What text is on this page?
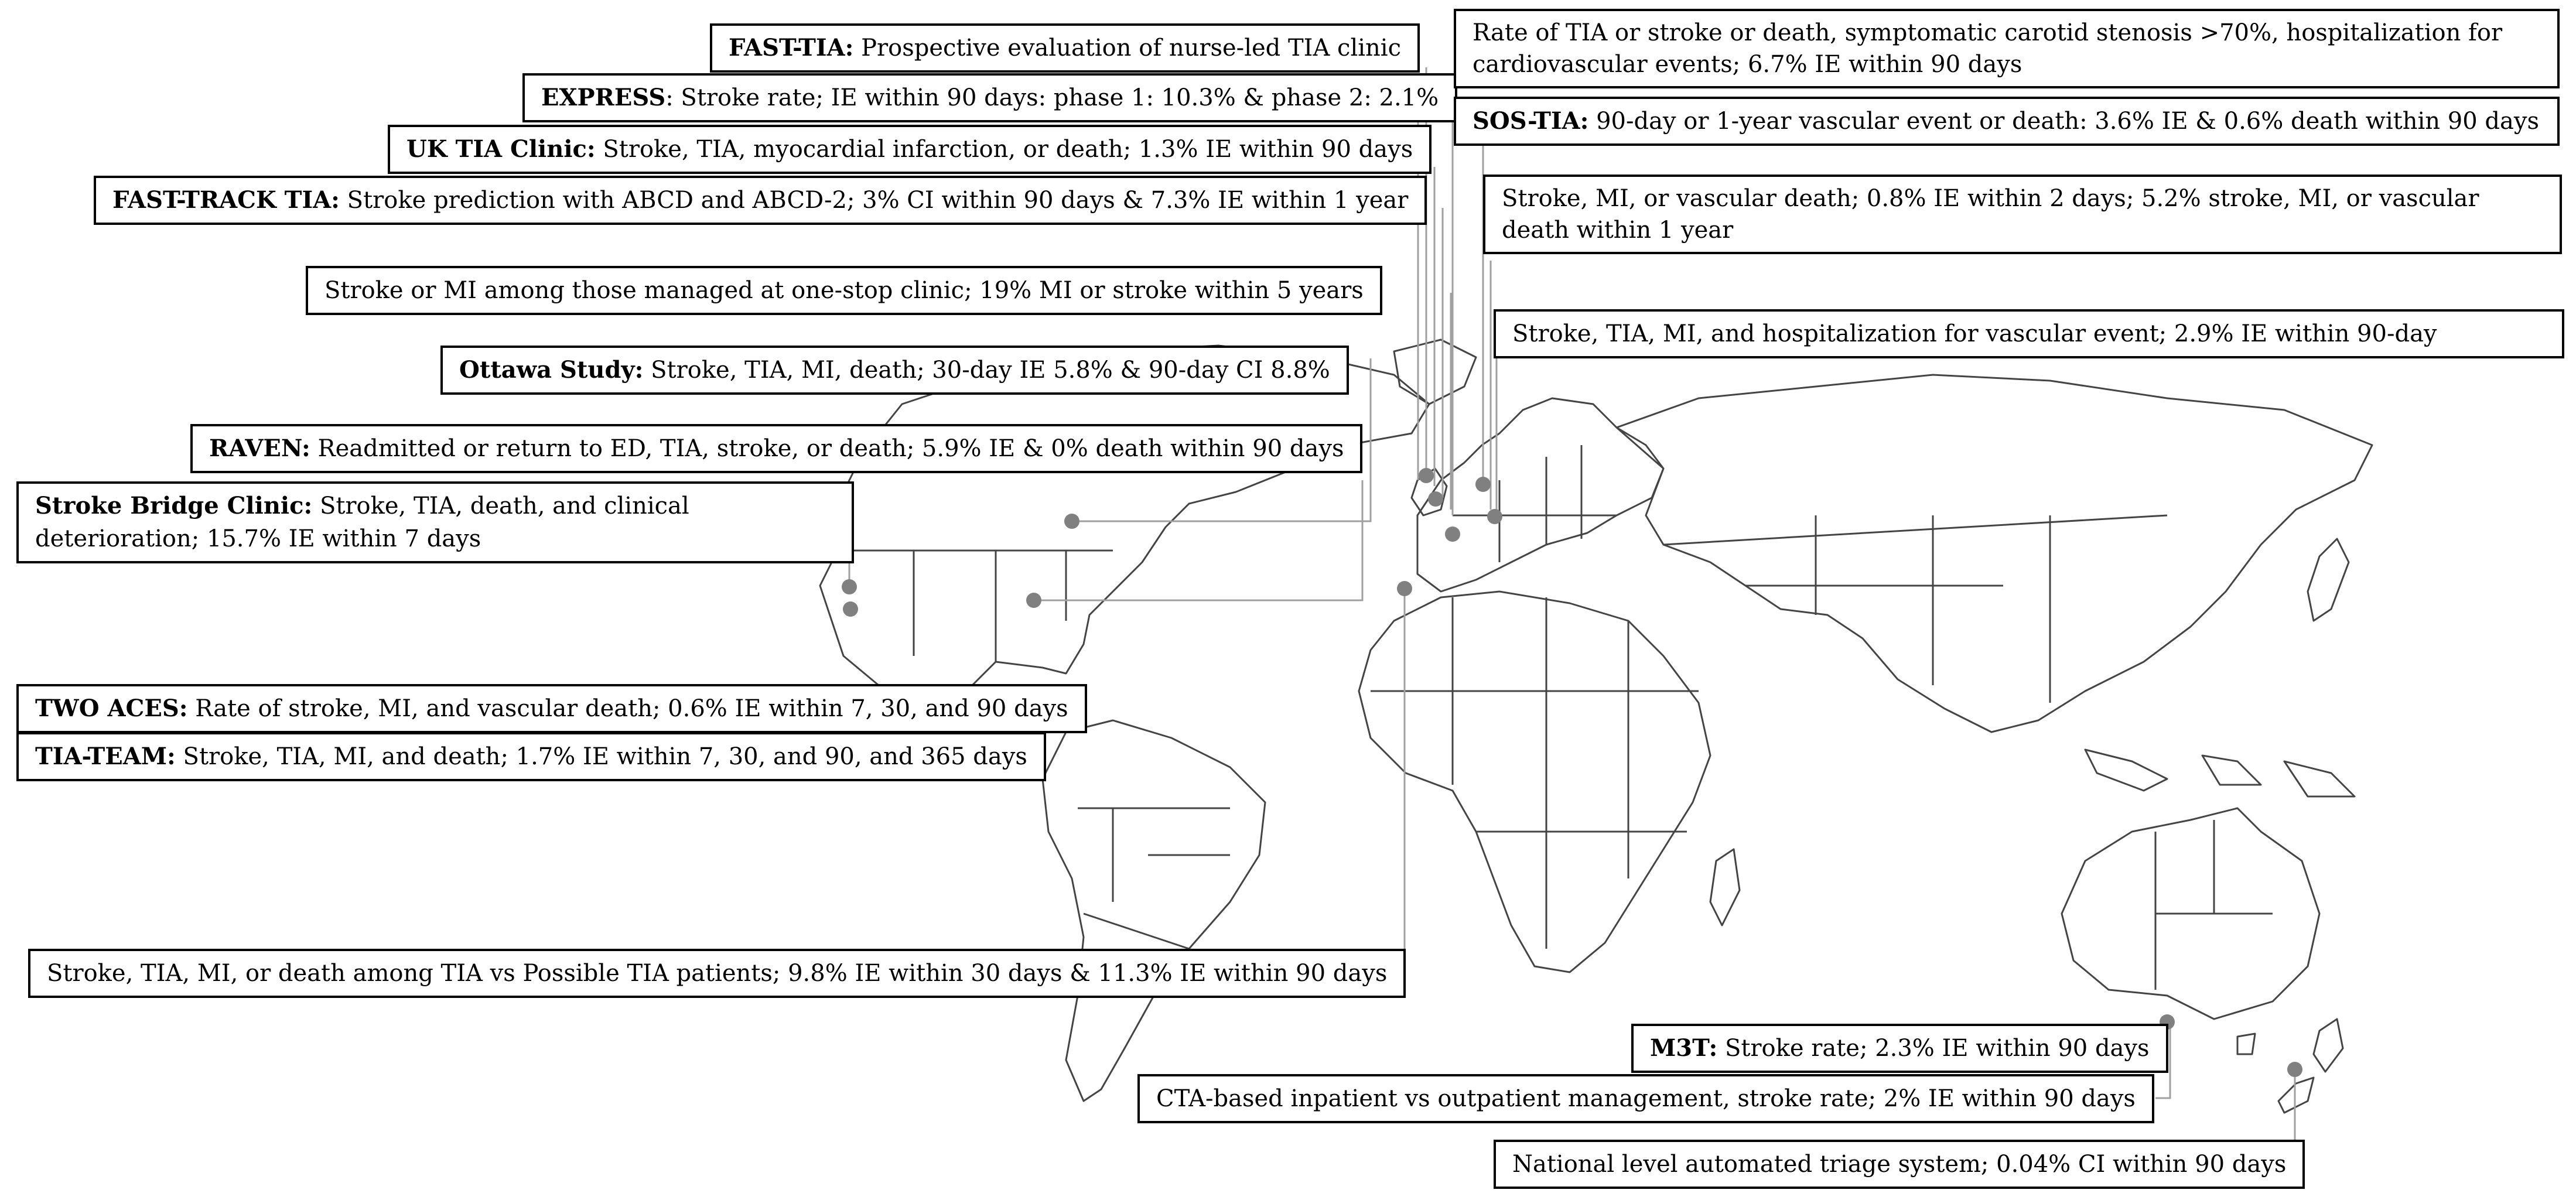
FAST-TIA: Prospective evaluation of nurse-led TIA clinic
EXPRESS: Stroke rate; IE within 90 days: phase 1: 10.3% & phase 2: 2.1%
UK TIA Clinic: Stroke, TIA, myocardial infarction, or death; 1.3% IE within 90 days
FAST-TRACK TIA: Stroke prediction with ABCD and ABCD-2; 3% CI within 90 days & 7.3% IE within 1 year
Stroke or MI among those managed at one-stop clinic; 19% MI or stroke within 5 years
Ottawa Study: Stroke, TIA, MI, death; 30-day IE 5.8% & 90-day CI 8.8%
RAVEN: Readmitted or return to ED, TIA, stroke, or death; 5.9% IE & 0% death within 90 days
Stroke Bridge Clinic: Stroke, TIA, death, and clinical deterioration; 15.7% IE within 7 days
TWO ACES: Rate of stroke, MI, and vascular death; 0.6% IE within 7, 30, and 90 days
TIA-TEAM: Stroke, TIA, MI, and death; 1.7% IE within 7, 30, and 90, and 365 days
Stroke, TIA, MI, or death among TIA vs Possible TIA patients; 9.8% IE within 30 days & 11.3% IE within 90 days
Rate of TIA or stroke or death, symptomatic carotid stenosis >70%, hospitalization for cardiovascular events; 6.7% IE within 90 days
SOS-TIA: 90-day or 1-year vascular event or death: 3.6% IE & 0.6% death within 90 days
Stroke, MI, or vascular death; 0.8% IE within 2 days; 5.2% stroke, MI, or vascular death within 1 year
Stroke, TIA, MI, and hospitalization for vascular event; 2.9% IE within 90-day
M3T: Stroke rate; 2.3% IE within 90 days
CTA-based inpatient vs outpatient management, stroke rate; 2% IE within 90 days
National level automated triage system; 0.04% CI within 90 days
